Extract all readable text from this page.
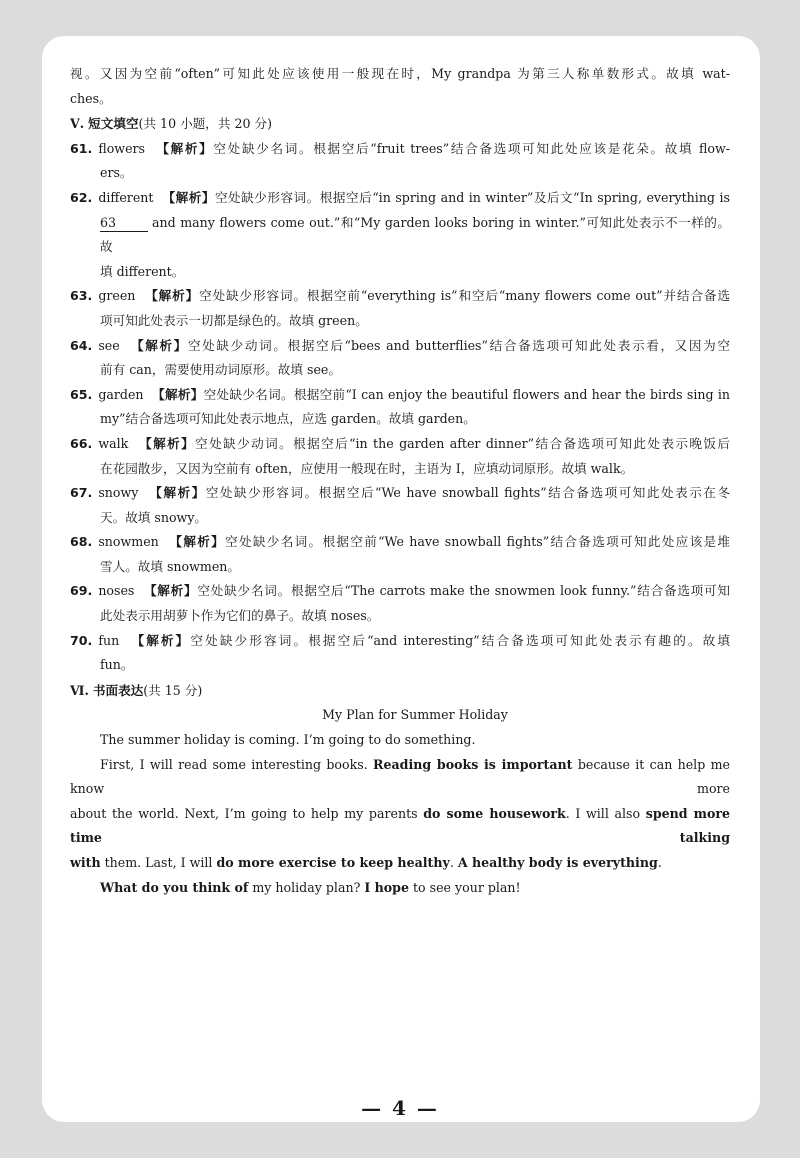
视。又因为空前“often”可知此处应该使用一般现在时，My grandpa 为第三人称单数形式。故填 wat-

ches。

Ⅴ. 短文填空(共 10 小题，共 20 分)

61. flowers 【解析】空处缺少名词。根据空后“fruit trees”结合备选项可知此处应该是花朵。故填 flow-

ers。

62. different 【解析】空处缺少形容词。根据空后“in spring and in winter”及后文“In spring, everything is

63	and many flowers come out.”和“My garden looks boring in winter.”可知此处表示不一样的。故

填 different。

63. green 【解析】空处缺少形容词。根据空前“everything is”和空后“many flowers come out”并结合备选

项可知此处表示一切都是绿色的。故填 green。

64. see 【解析】空处缺少动词。根据空后“bees and butterflies”结合备选项可知此处表示看，又因为空

前有 can，需要使用动词原形。故填 see。

65. garden 【解析】空处缺少名词。根据空前“I can enjoy the beautiful flowers and hear the birds sing in

my”结合备选项可知此处表示地点，应选 garden。故填 garden。

66. walk 【解析】空处缺少动词。根据空后“in the garden after dinner”结合备选项可知此处表示晚饭后

在花园散步，又因为空前有 often，应使用一般现在时，主语为 I，应填动词原形。故填 walk。

67. snowy 【解析】空处缺少形容词。根据空后“We have snowball fights”结合备选项可知此处表示在冬

天。故填 snowy。

68. snowmen 【解析】空处缺少名词。根据空前“We have snowball fights”结合备选项可知此处应该是堆

雪人。故填 snowmen。

69. noses 【解析】空处缺少名词。根据空后“The carrots make the snowmen look funny.”结合备选项可知

此处表示用胡萝卜作为它们的鼻子。故填 noses。

70. fun 【解析】空处缺少形容词。根据空后“and interesting”结合备选项可知此处表示有趣的。故填

fun。

Ⅵ. 书面表达(共 15 分)

My Plan for Summer Holiday

The summer holiday is coming. I’m going to do something.

First, I will read some interesting books. Reading books is important because it can help me know more

about the world. Next, I’m going to help my parents do some housework. I will also spend more time talking

with them. Last, I will do more exercise to keep healthy. A healthy body is everything.

What do you think of my holiday plan? I hope to see your plan!

— 4 —
